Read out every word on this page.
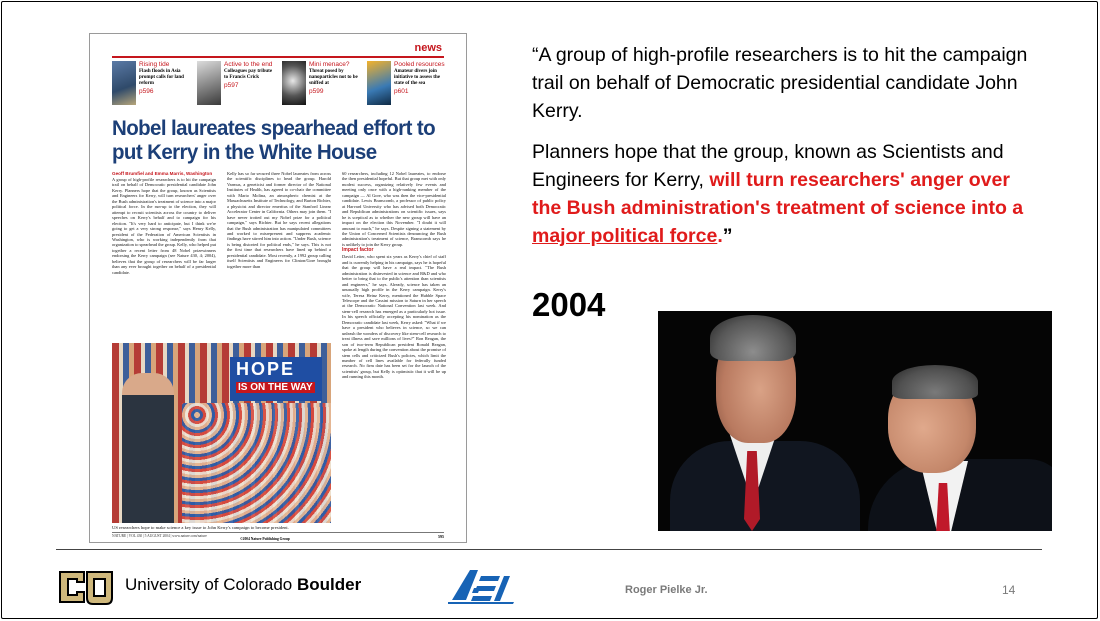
news
Rising tide
Flash floods in Asia prompt calls for land reform
p596
Active to the end
Colleagues pay tribute to Francis Crick
p597
Mini menace?
Threat posed by nanoparticles not to be sniffed at
p599
Pooled resources
Amateur divers join initiative to assess the state of the sea
p601
Nobel laureates spearhead effort to put Kerry in the White House
Geoff Brumfiel and Emma Marris, Washington
A group of high-profile researchers is to hit the campaign trail on behalf of Democratic presidential candidate John Kerry. Planners hope that the group, known as Scientists and Engineers for Kerry, will turn researchers' anger over the Bush administration's treatment of science into a major political force. In the run-up to the election, they will attempt to recruit scientists across the country to deliver speeches on Kerry's behalf and to campaign for his election. "It's very hard to anticipate, but I think we're going to get a very strong response," says Henry Kelly, president of the Federation of American Scientists in Washington, who is working independently from that organization to spearhead the group. Kelly, who helped put together a recent letter from 48 Nobel prizewinners endorsing the Kerry campaign (see Nature 430, 4; 2004), believes that the group of researchers will be far larger than any ever brought together on behalf of a presidential candidate.
Kelly has so far secured three Nobel laureates from across the scientific disciplines to head the group. Harold Varmus, a geneticist and former director of the National Institutes of Health, has agreed to co-chair the committee with Mario Molina, an atmospheric chemist at the Massachusetts Institute of Technology, and Burton Richter, a physicist and director emeritus of the Stanford Linear Accelerator Center in California. Others may join them. "I have never trotted out my Nobel prize for a political campaign," says Richter. But he says recent allegations that the Bush administration has manipulated committees and worked to misrepresent and suppress academic findings have stirred him into action. "Under Bush, science is being distorted for political ends," he says. This is not the first time that researchers have lined up behind a presidential candidate. Most recently, a 1992 group calling itself Scientists and Engineers for Clinton/Gore brought together more than
60 researchers, including 12 Nobel laureates, to endorse the then presidential hopeful. But that group met with only modest success, organizing relatively few events and meeting only once with a high-ranking member of the campaign — Al Gore, who was then the vice-presidential candidate. Lewis Branscomb, a professor of public policy at Harvard University who has advised both Democratic and Republican administrations on scientific issues, says he is sceptical as to whether the new group will have an impact on the election this November. "I doubt it will amount to much," he says. Despite signing a statement by the Union of Concerned Scientists denouncing the Bush administration's treatment of science, Branscomb says he is unlikely to join the Kerry group.
Impact factor
David Leiter, who spent six years as Kerry's chief of staff and is currently helping in his campaign, says he is hopeful that the group will have a real impact. "The Bush administration is disinvested in science and R&D and who better to bring that to the public's attention than scientists and engineers," he says. Already, science has taken an unusually high profile in the Kerry campaign. Kerry's wife, Teresa Heinz Kerry, mentioned the Hubble Space Telescope and the Cassini mission to Saturn in her speech at the Democratic National Convention last week. And stem-cell research has emerged as a particularly hot issue. In his speech officially accepting his nomination as the Democratic candidate last week, Kerry asked: "What if we have a president who believes in science, so we can unleash the wonders of discovery like stem-cell research to treat illness and save millions of lives?" Ron Reagan, the son of two-term Republican president Ronald Reagan, spoke at length during the convention about the promise of stem cells and criticized Bush's policies, which limit the number of cell lines available for federally funded research. No firm date has been set for the launch of the scientists' group, but Kelly is optimistic that it will be up and running this month.
HOPE
IS ON THE WAY
US researchers hope to make science a key issue to John Kerry's campaign to become president.
NATURE | VOL 430 | 5 AUGUST 2004 | www.nature.com/nature
©2004 Nature Publishing Group	595

“A group of high-profile researchers is to hit the campaign trail on behalf of Democratic presidential candidate John Kerry.

Planners hope that the group, known as Scientists and Engineers for Kerry, will turn researchers' anger over the Bush administration's treatment of science into a major political force.”

2004
University of Colorado Boulder	Roger Pielke Jr.	14
